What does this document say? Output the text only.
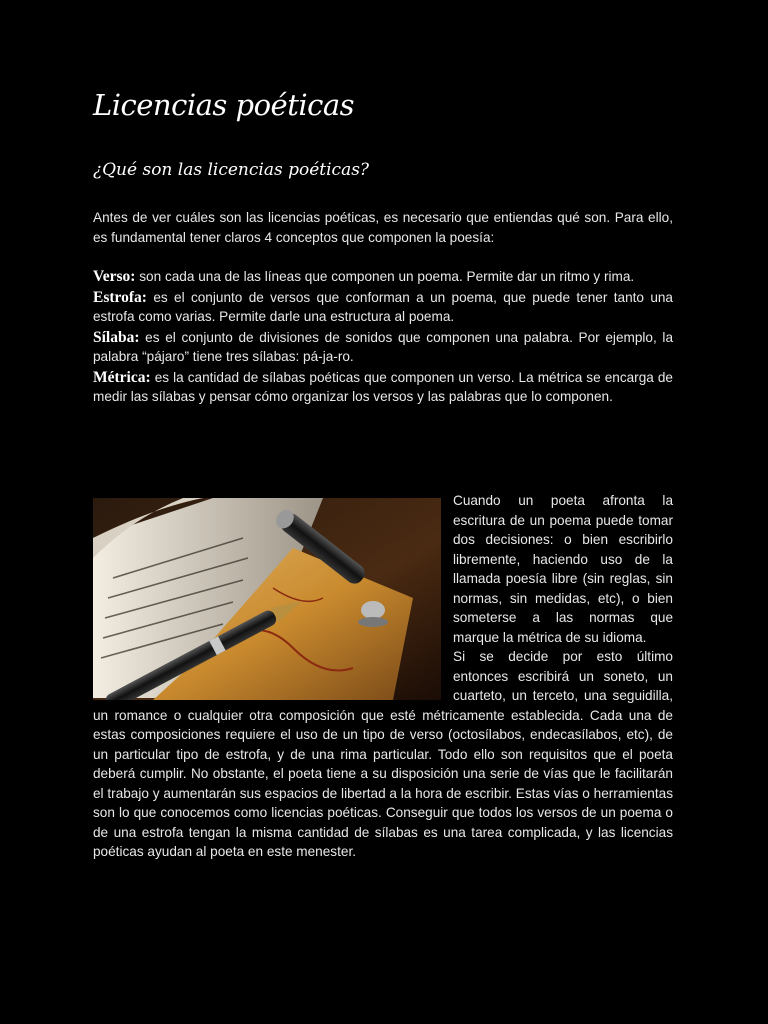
Licencias poéticas
¿Qué son las licencias poéticas?

Antes de ver cuáles son las licencias poéticas, es necesario que entiendas qué son. Para ello, es fundamental tener claros 4 conceptos que componen la poesía:

Verso: son cada una de las líneas que componen un poema. Permite dar un ritmo y rima.

Estrofa: es el conjunto de versos que conforman a un poema, que puede tener tanto una estrofa como varias. Permite darle una estructura al poema.

Sílaba: es el conjunto de divisiones de sonidos que componen una palabra. Por ejemplo, la palabra “pájaro” tiene tres sílabas: pá-ja-ro.

Métrica: es la cantidad de sílabas poéticas que componen un verso. La métrica se encarga de medir las sílabas y pensar cómo organizar los versos y las palabras que lo componen.

Cuando un poeta afronta la escritura de un poema puede tomar dos decisiones: o bien escribirlo libremente, haciendo uso de la llamada poesía libre (sin reglas, sin normas, sin medidas, etc), o bien someterse a las normas que marque la métrica de su idioma.

Si se decide por esto último entonces escribirá un soneto, un cuarteto, un terceto, una seguidilla, un romance o cualquier otra composición que esté métricamente establecida. Cada una de estas composiciones requiere el uso de un tipo de verso (octosílabos, endecasílabos, etc), de un particular tipo de estrofa, y de una rima particular. Todo ello son requisitos que el poeta deberá cumplir. No obstante, el poeta tiene a su disposición una serie de vías que le facilitarán el trabajo y aumentarán sus espacios de libertad a la hora de escribir. Estas vías o herramientas son lo que conocemos como licencias poéticas. Conseguir que todos los versos de un poema o de una estrofa tengan la misma cantidad de sílabas es una tarea complicada, y las licencias poéticas ayudan al poeta en este menester.
